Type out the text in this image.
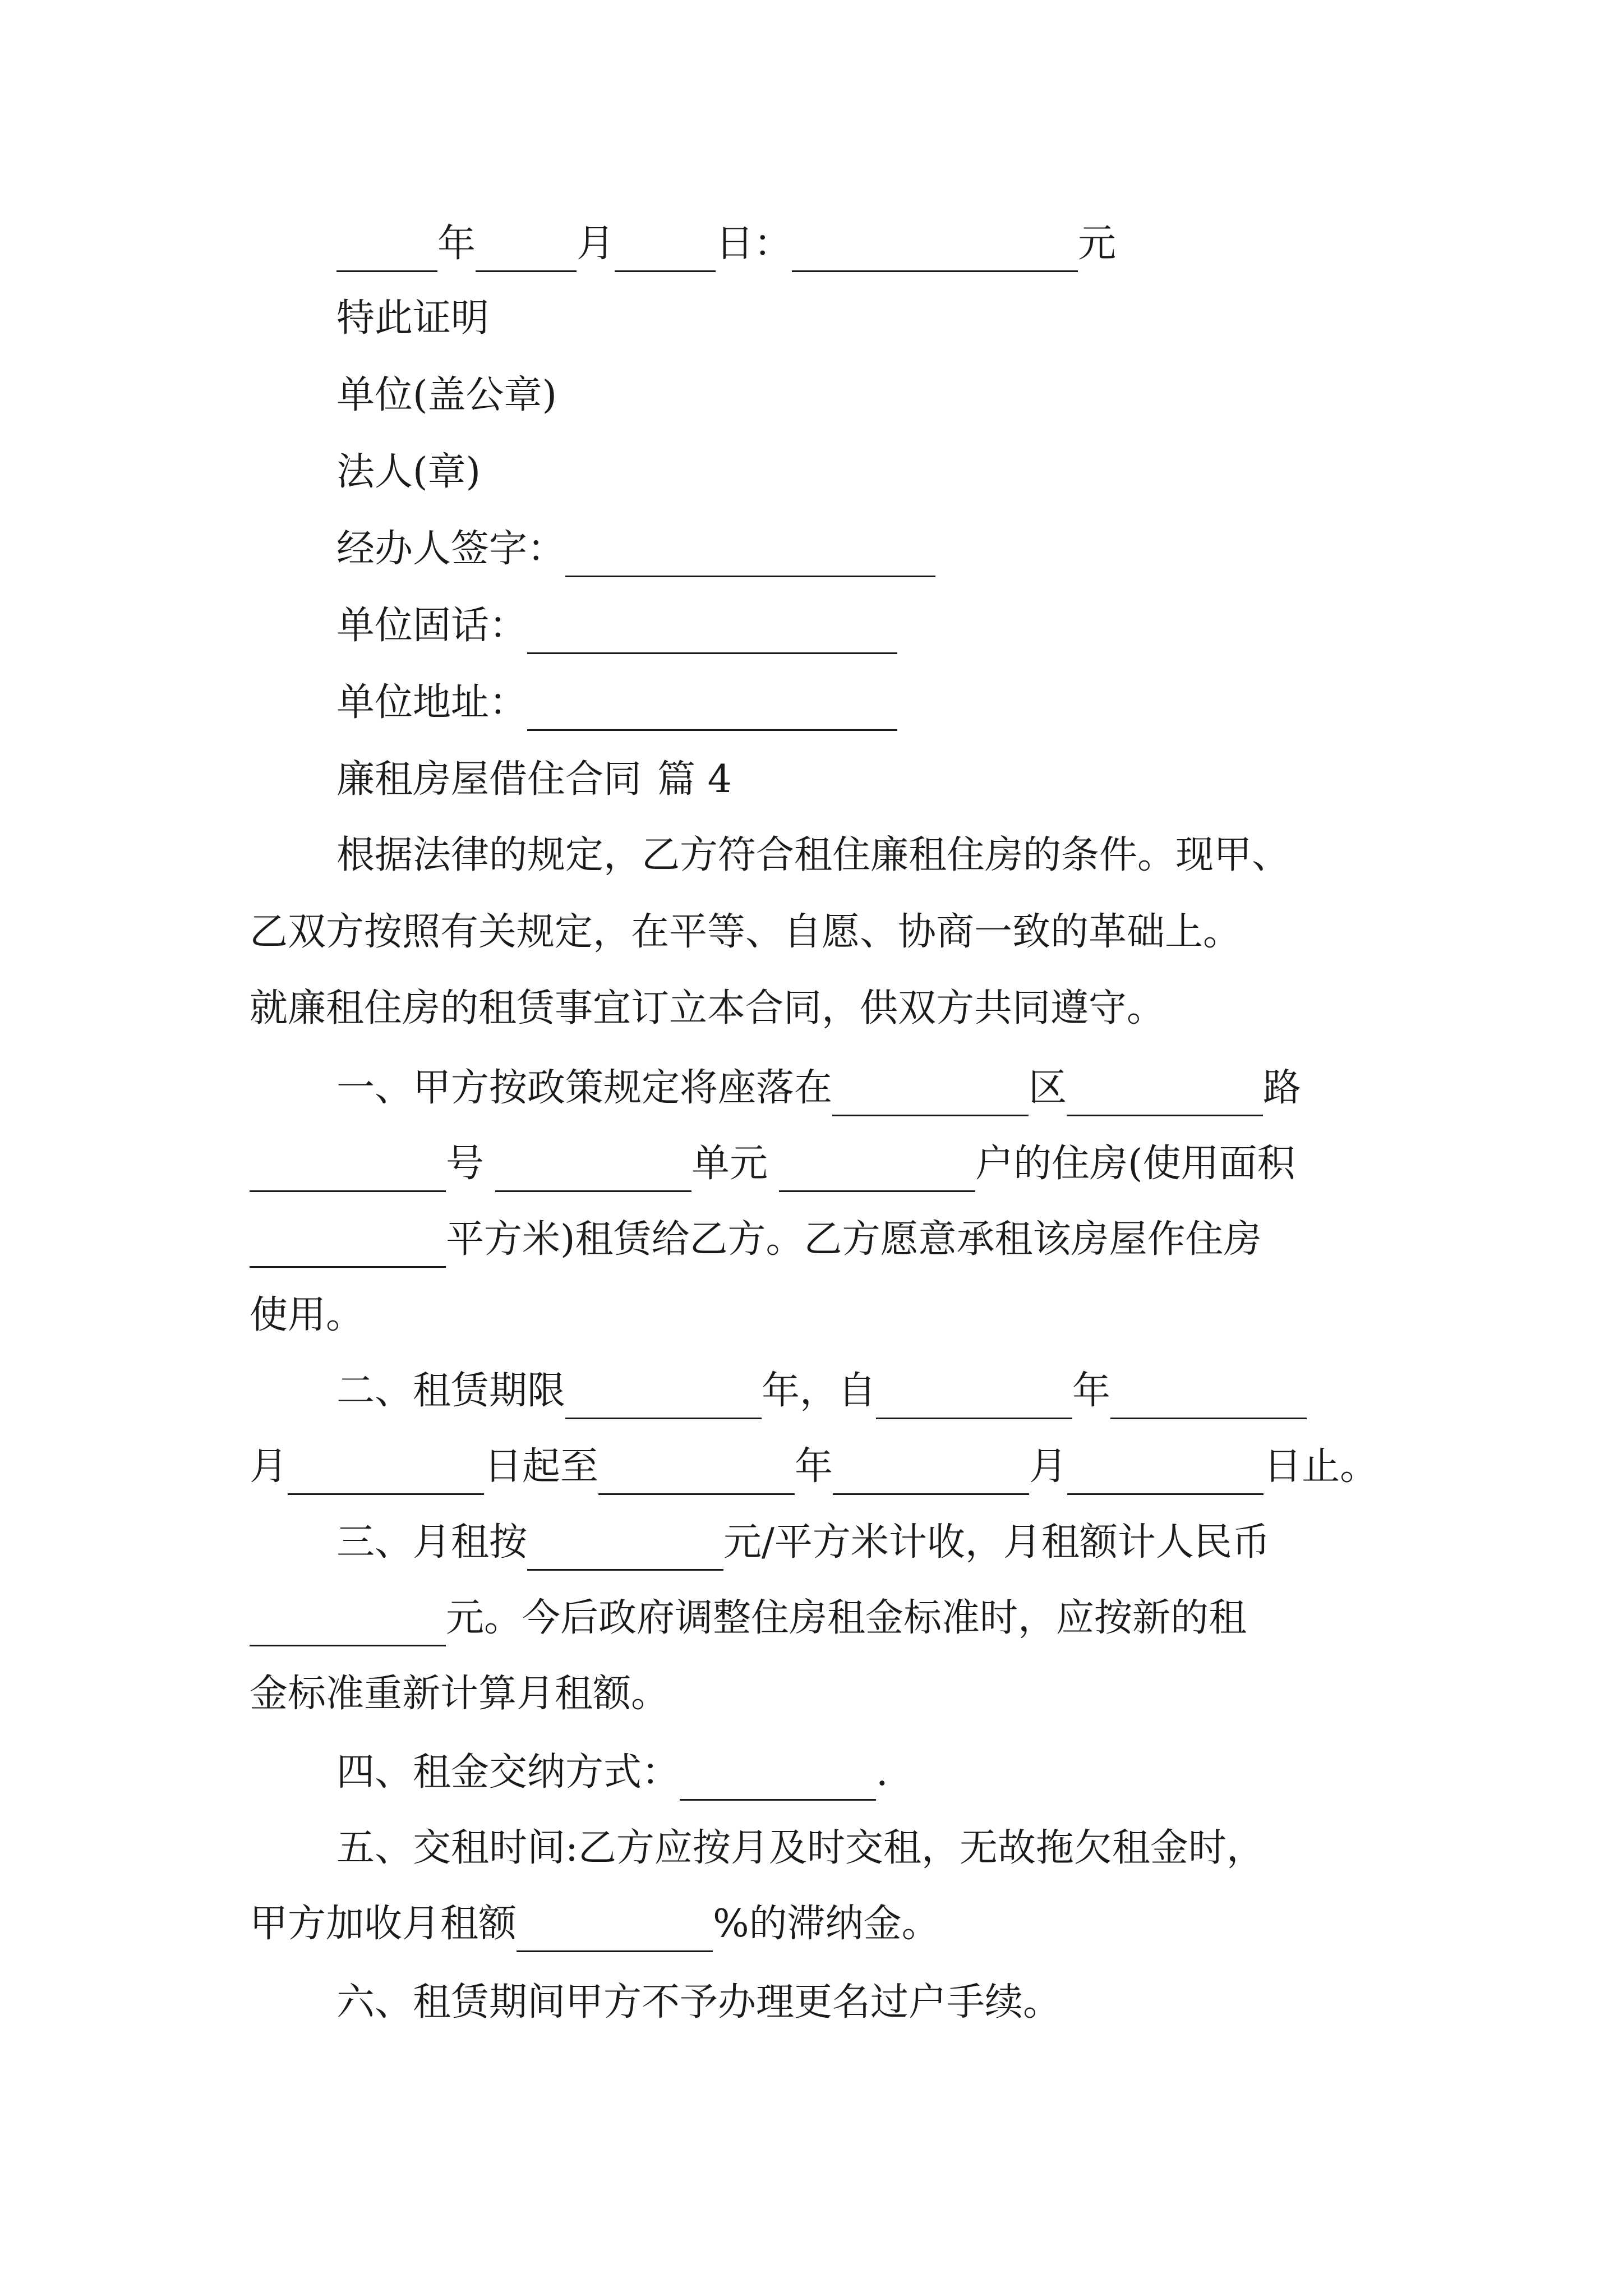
年	月	日：	元
特此证明
单位(盖公章)
法人(章)
经办人签字：
单位固话：
单位地址：
廉租房屋借住合同 篇 4
根据法律的规定，乙方符合租住廉租住房的条件。现甲、
乙双方按照有关规定，在平等、自愿、协商一致的革础上。
就廉租住房的租赁事宜订立本合同，供双方共同遵守。
一、甲方按政策规定将座落在	区	路
号	单元	户的住房(使用面积
平方米)租赁给乙方。乙方愿意承租该房屋作住房
使用。
二、租赁期限	年，自	年
月	日起至	年	月	日止。
三、月租按	元/平方米计收，月租额计人民币
元。今后政府调整住房租金标准时，应按新的租
金标准重新计算月租额。
四、租金交纳方式：	.
五、交租时间:乙方应按月及时交租，无故拖欠租金时，
甲方加收月租额	%的滞纳金。
六、租赁期间甲方不予办理更名过户手续。
